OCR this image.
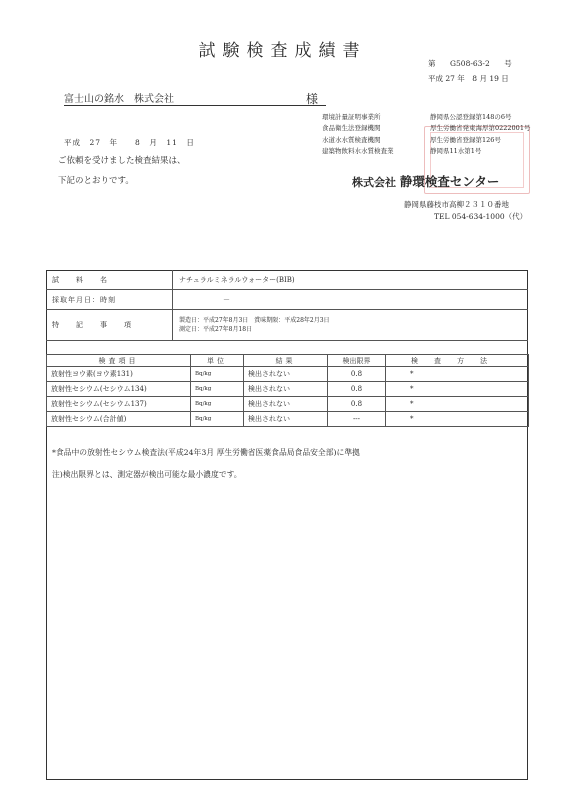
試験検査成績書
第 G508-63-2 号
平成 27 年　8 月 19 日
富士山の銘水　株式会社	様
平成　27　年　　8　月　11　日
ご依頼を受けました検査結果は、
下記のとおりです。
環境計量証明事業所	静岡県公認登録第148の6号
食品衛生法登録機関	厚生労働省発東海厚第0222001号
水道水水質検査機関	厚生労働省登録第126号
建築物飲料水水質検査業	静岡県11水第1号
株式会社 静環検査センター
静岡県藤枝市高柳２３１０番地
TEL 054-634-1000（代）
試　料　名	ナチュラルミネラルウォーター(BIB)
採取年月日：時刻	－
特　記　事　項	製造日：平成27年8月3日　賞味期限：平成28年2月3日
測定日：平成27年8月18日
検査項目	単位	結果	検出限界	検査方法
放射性ヨウ素(ヨウ素131)	Bq/kg	検出されない	0.8	*
放射性セシウム(セシウム134)	Bq/kg	検出されない	0.8	*
放射性セシウム(セシウム137)	Bq/kg	検出されない	0.8	*
放射性セシウム(合計値)	Bq/kg	検出されない	---	*
*食品中の放射性セシウム検査法(平成24年3月 厚生労働省医薬食品局食品安全部)に準拠
注)検出限界とは、測定器が検出可能な最小濃度です。
